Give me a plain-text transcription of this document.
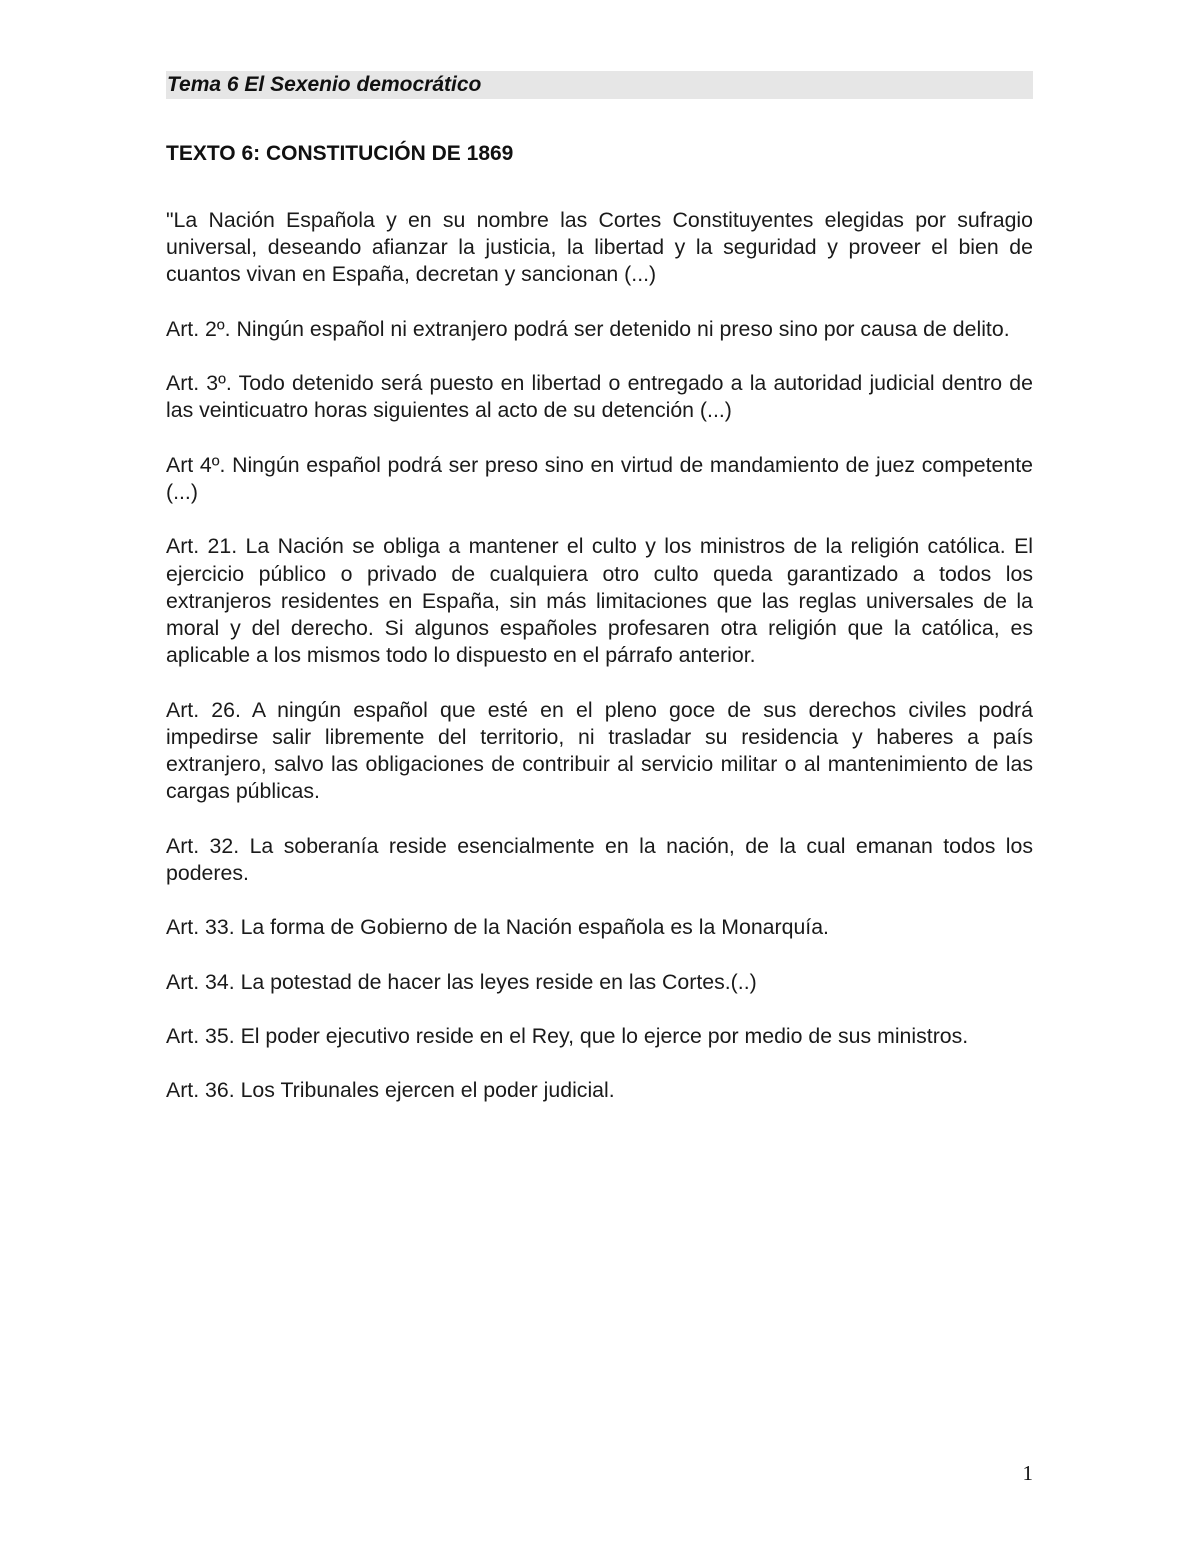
Tema 6 El Sexenio democrático
TEXTO 6: CONSTITUCIÓN DE 1869

"La Nación Española y en su nombre las Cortes Constituyentes elegidas por sufragio universal, deseando afianzar la justicia, la libertad y la seguridad y proveer el bien de cuantos vivan en España, decretan y sancionan (...)

Art. 2º. Ningún español ni extranjero podrá ser detenido ni preso sino por causa de delito.

Art. 3º. Todo detenido será puesto en libertad o entregado a la autoridad judicial dentro de las veinticuatro horas siguientes al acto de su detención (...)

Art 4º. Ningún español podrá ser preso sino en virtud de mandamiento de juez competente (...)

Art. 21. La Nación se obliga a mantener el culto y los ministros de la religión católica. El ejercicio público o privado de cualquiera otro culto queda garantizado a todos los extranjeros residentes en España, sin más limitaciones que las reglas universales de la moral y del derecho. Si algunos españoles profesaren otra religión que la católica, es aplicable a los mismos todo lo dispuesto en el párrafo anterior.

Art. 26. A ningún español que esté en el pleno goce de sus derechos civiles podrá impedirse salir libremente del territorio, ni trasladar su residencia y haberes a país extranjero, salvo las obligaciones de contribuir al servicio militar o al mantenimiento de las cargas públicas.

Art. 32. La soberanía reside esencialmente en la nación, de la cual emanan todos los poderes.

Art. 33. La forma de Gobierno de la Nación española es la Monarquía.

Art. 34. La potestad de hacer las leyes reside en las Cortes.(..)

Art. 35. El poder ejecutivo reside en el Rey, que lo ejerce por medio de sus ministros.

Art. 36. Los Tribunales ejercen el poder judicial.

1
